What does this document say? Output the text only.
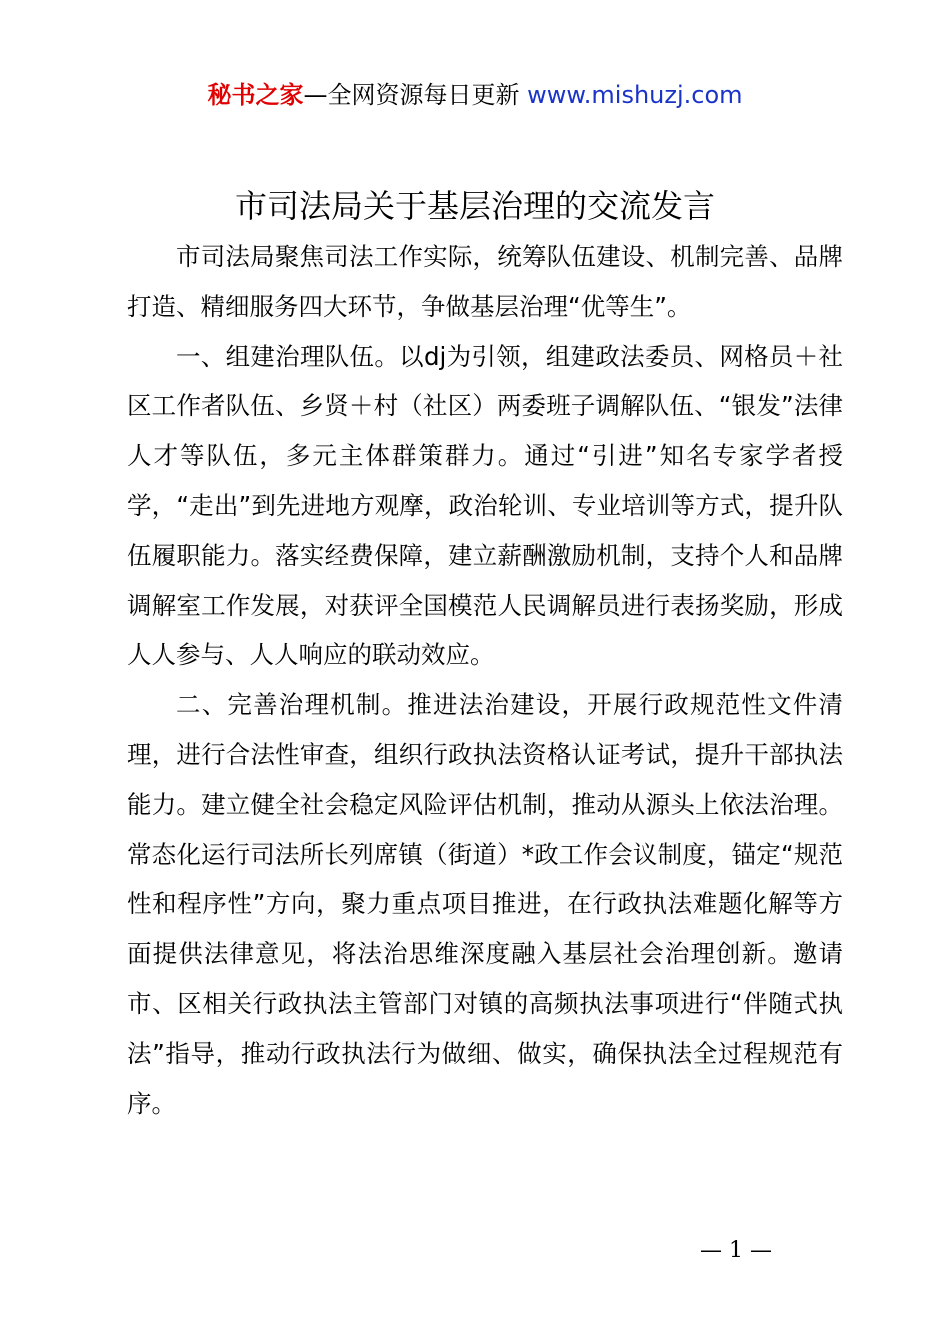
秘书之家—全网资源每日更新 www.mishuzj.com
市司法局关于基层治理的交流发言

市司法局聚焦司法工作实际，统筹队伍建设、机制完善、品牌打造、精细服务四大环节，争做基层治理“优等生”。

一、组建治理队伍。以dj为引领，组建政法委员、网格员＋社区工作者队伍、乡贤＋村（社区）两委班子调解队伍、“银发”法律人才等队伍，多元主体群策群力。通过“引进”知名专家学者授学，“走出”到先进地方观摩，政治轮训、专业培训等方式，提升队伍履职能力。落实经费保障，建立薪酬激励机制，支持个人和品牌调解室工作发展，对获评全国模范人民调解员进行表扬奖励，形成人人参与、人人响应的联动效应。

二、完善治理机制。推进法治建设，开展行政规范性文件清理，进行合法性审查，组织行政执法资格认证考试，提升干部执法能力。建立健全社会稳定风险评估机制，推动从源头上依法治理。常态化运行司法所长列席镇（街道）*政工作会议制度，锚定“规范性和程序性”方向，聚力重点项目推进，在行政执法难题化解等方面提供法律意见，将法治思维深度融入基层社会治理创新。邀请市、区相关行政执法主管部门对镇的高频执法事项进行“伴随式执法”指导，推动行政执法行为做细、做实，确保执法全过程规范有序。

— 1 —
